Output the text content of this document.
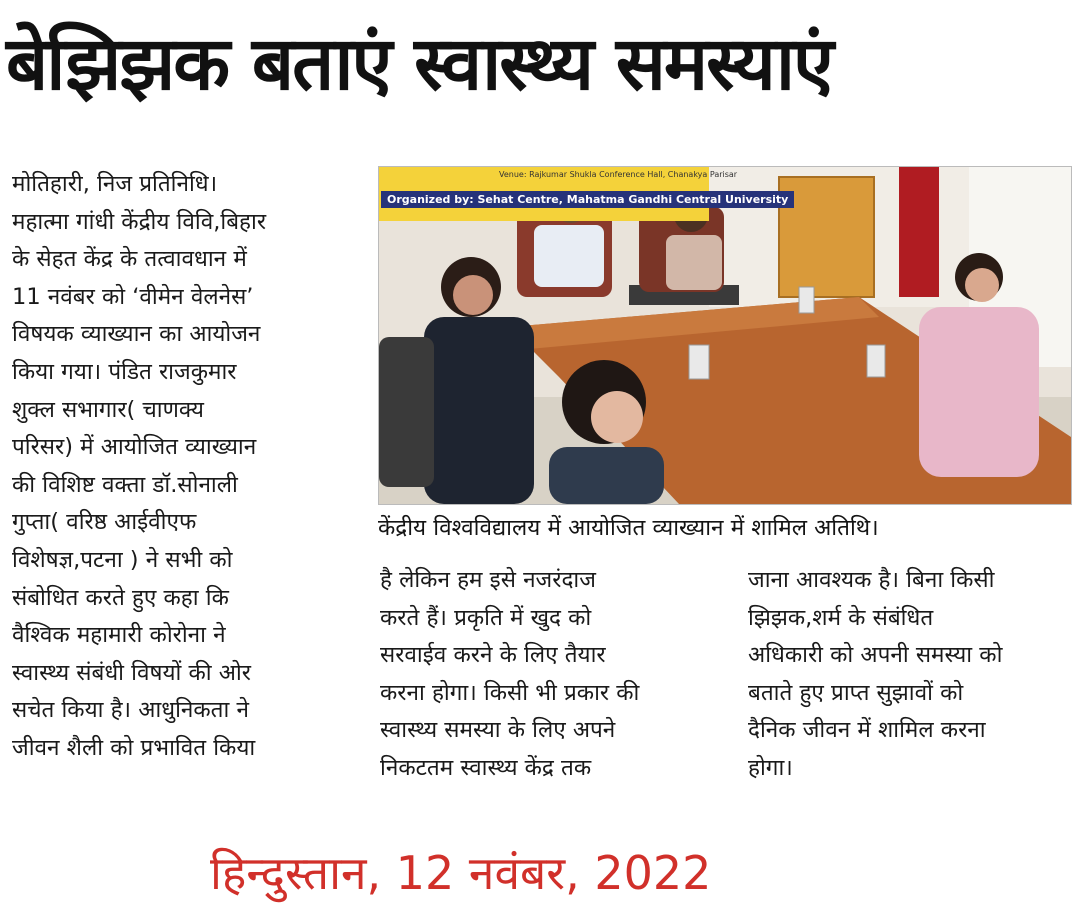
बेझिझक बताएं स्वास्थ्य समस्याएं

मोतिहारी, निज प्रतिनिधि।
महात्मा गांधी केंद्रीय विवि,बिहार
के सेहत केंद्र के तत्वावधान में
11 नवंबर को ‘वीमेन वेलनेस’
विषयक व्याख्यान का आयोजन
किया गया। पंडित राजकुमार
शुक्ल सभागार( चाणक्य
परिसर) में आयोजित व्याख्यान
की विशिष्ट वक्ता डॉ.सोनाली
गुप्ता( वरिष्ठ आईवीएफ
विशेषज्ञ,पटना ) ने सभी को
संबोधित करते हुए कहा कि
वैश्विक महामारी कोरोना ने
स्वास्थ्य संबंधी विषयों की ओर
सचेत किया है। आधुनिकता ने
जीवन शैली को प्रभावित किया

Venue: Rajkumar Shukla Conference Hall, Chanakya Parisar
Organized by: Sehat Centre, Mahatma Gandhi Central University

केंद्रीय विश्वविद्यालय में आयोजित व्याख्यान में शामिल अतिथि।

है लेकिन हम इसे नजरंदाज
करते हैं। प्रकृति में खुद को
सरवाईव करने के लिए तैयार
करना होगा। किसी भी प्रकार की
स्वास्थ्य समस्या के लिए अपने
निकटतम स्वास्थ्य केंद्र तक

जाना आवश्यक है। बिना किसी
झिझक,शर्म के संबंधित
अधिकारी को अपनी समस्या को
बताते हुए प्राप्त सुझावों को
दैनिक जीवन में शामिल करना
होगा।

हिन्दुस्तान, 12 नवंबर, 2022
